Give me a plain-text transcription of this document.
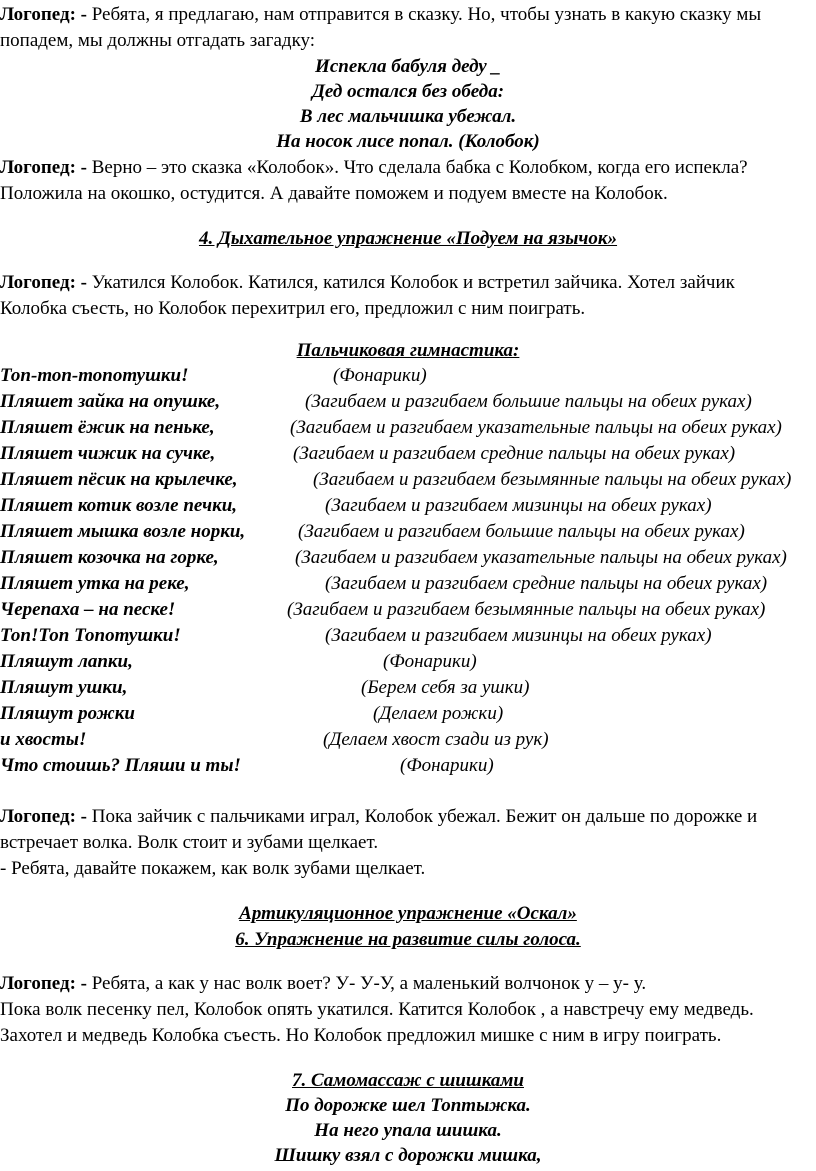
Логопед: - Ребята, я предлагаю, нам отправится в сказку. Но, чтобы узнать в какую сказку мы
попадем, мы должны отгадать загадку:
Испекла бабуля деду _
Дед остался без обеда:
В лес мальчишка убежал.
На носок лисе попал. (Колобок)
Логопед: - Верно – это сказка «Колобок». Что сделала бабка с Колобком, когда его испекла?
Положила на окошко, остудится. А давайте поможем и подуем вместе на Колобок.
4. Дыхательное упражнение «Подуем на язычок»
Логопед: - Укатился Колобок. Катился, катился Колобок и встретил зайчика. Хотел зайчик
Колобка съесть, но Колобок перехитрил его, предложил с ним поиграть.
Пальчиковая гимнастика:
Топ-топ-топотушки!	(Фонарики)
Пляшет зайка на опушке,	(Загибаем и разгибаем большие пальцы на обеих руках)
Пляшет ёжик на пеньке,	(Загибаем и разгибаем указательные пальцы на обеих руках)
Пляшет чижик на сучке,	(Загибаем и разгибаем средние пальцы на обеих руках)
Пляшет пёсик на крылечке,	(Загибаем и разгибаем безымянные пальцы на обеих руках)
Пляшет котик возле печки,	(Загибаем и разгибаем мизинцы на обеих руках)
Пляшет мышка возле норки,	(Загибаем и разгибаем большие пальцы на обеих руках)
Пляшет козочка на горке,	(Загибаем и разгибаем указательные пальцы на обеих руках)
Пляшет утка на реке,	(Загибаем и разгибаем средние пальцы на обеих руках)
Черепаха – на песке!	(Загибаем и разгибаем безымянные пальцы на обеих руках)
Топ!Топ Топотушки!	(Загибаем и разгибаем мизинцы на обеих руках)
Пляшут лапки,	(Фонарики)
Пляшут ушки,	(Берем себя за ушки)
Пляшут рожки	(Делаем рожки)
и хвосты!	(Делаем хвост сзади из рук)
Что стоишь? Пляши и ты!	(Фонарики)
Логопед: - Пока зайчик с пальчиками играл, Колобок убежал. Бежит он дальше по дорожке и
встречает волка. Волк стоит и зубами щелкает.
- Ребята, давайте покажем, как волк зубами щелкает.
Артикуляционное упражнение «Оскал»
6. Упражнение на развитие силы голоса.
Логопед: - Ребята, а как у нас волк воет? У- У-У, а маленький волчонок у – у- у.
Пока волк песенку пел, Колобок опять укатился. Катится Колобок , а навстречу ему медведь.
Захотел и медведь Колобка съесть. Но Колобок предложил мишке с ним в игру поиграть.
7. Самомассаж с шишками
По дорожке шел Топтыжка.
На него упала шишка.
Шишку взял с дорожки мишка,
